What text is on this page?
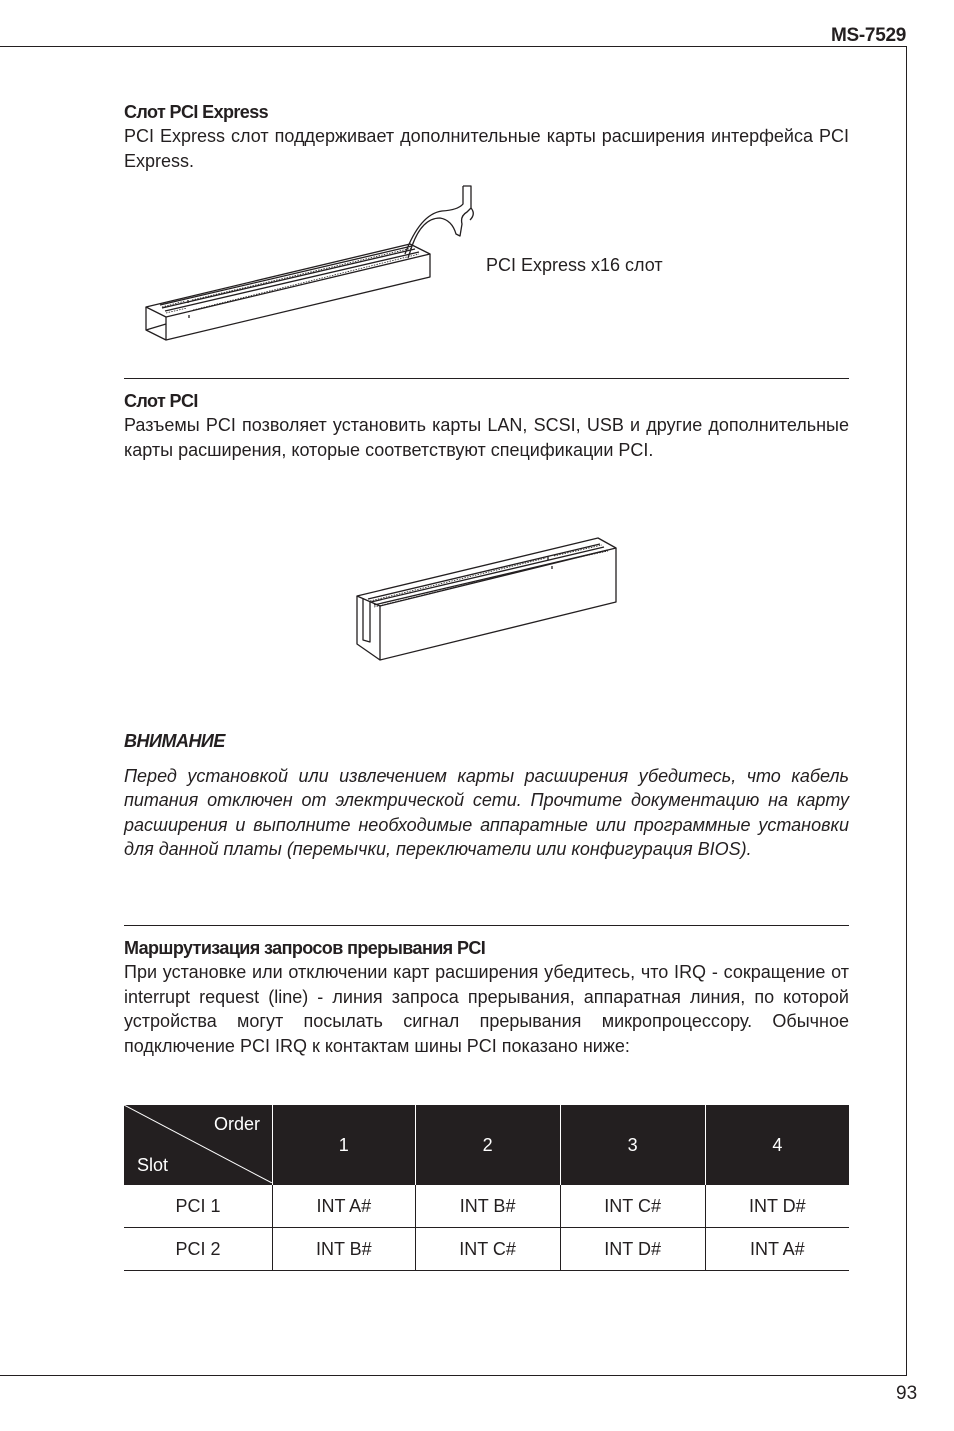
MS-7529
93

Слот PCI Express

PCI Express слот поддерживает дополнительные карты расширения интерфейса PCI Express.

PCI Express x16 слот

Слот PCI

Разъемы PCI позволяет установить карты LAN, SCSI, USB и другие дополнительные карты расширения, которые соответствуют спецификации PCI.

ВНИМАНИЕ
Перед установкой или извлечением карты расширения убедитесь, что кабель питания отключен от электрической сети. Прочтите документацию на карту расширения и выполните необходимые аппаратные или программные установки для данной платы (перемычки, переключатели или конфигурация BIOS).

Маршрутизация запросов прерывания PCI

При установке или отключении карт расширения убедитесь, что IRQ - сокращение от interrupt request (line) - линия запроса прерывания, аппаратная линия, по которой устройства могут посылать сигнал прерывания микропроцессору. Обычное подключение PCI IRQ к контактам шины PCI показано ниже:

Order
Slot	1	2	3	4
PCI 1	INT A#	INT B#	INT C#	INT D#
PCI 2	INT B#	INT C#	INT D#	INT A#
